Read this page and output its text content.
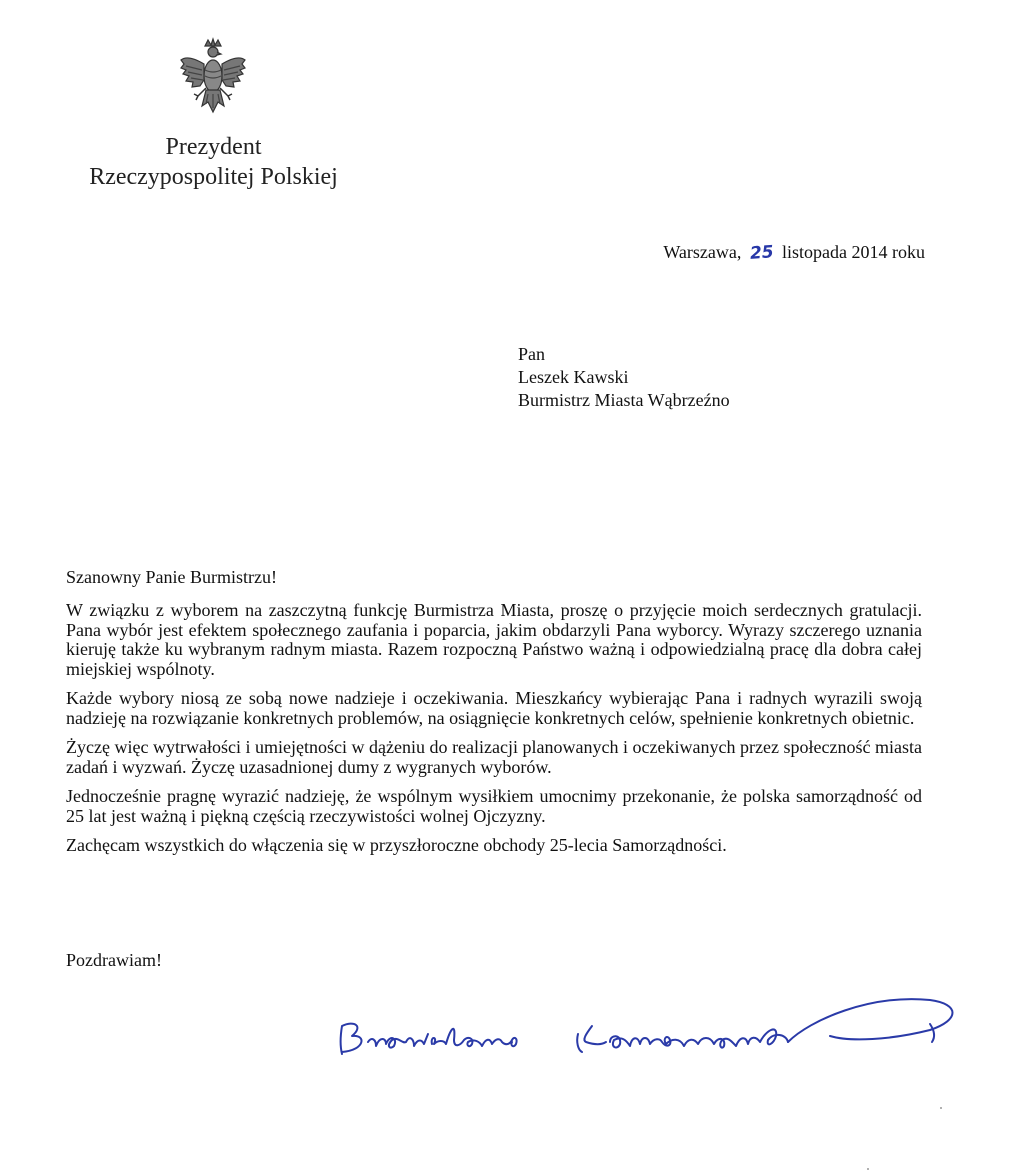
Prezydent
Rzeczypospolitej Polskiej
Warszawa, 25 listopada 2014 roku
Pan
Leszek Kawski
Burmistrz Miasta Wąbrzeźno
Szanowny Panie Burmistrzu!

W związku z wyborem na zaszczytną funkcję Burmistrza Miasta, proszę o przyjęcie moich serdecznych gratulacji. Pana wybór jest efektem społecznego zaufania i poparcia, jakim obdarzyli Pana wyborcy. Wyrazy szczerego uznania kieruję także ku wybranym radnym miasta. Razem rozpoczną Państwo ważną i odpowiedzialną pracę dla dobra całej miejskiej wspólnoty.

Każde wybory niosą ze sobą nowe nadzieje i oczekiwania. Mieszkańcy wybierając Pana i radnych wyrazili swoją nadzieję na rozwiązanie konkretnych problemów, na osiągnięcie konkretnych celów, spełnienie konkretnych obietnic.

Życzę więc wytrwałości i umiejętności w dążeniu do realizacji planowanych i oczekiwanych przez społeczność miasta zadań i wyzwań. Życzę uzasadnionej dumy z wygranych wyborów.

Jednocześnie pragnę wyrazić nadzieję, że wspólnym wysiłkiem umocnimy przekonanie, że polska samorządność od 25 lat jest ważną i piękną częścią rzeczywistości wolnej Ojczyzny.

Zachęcam wszystkich do włączenia się w przyszłoroczne obchody 25-lecia Samorządności.

Pozdrawiam!
